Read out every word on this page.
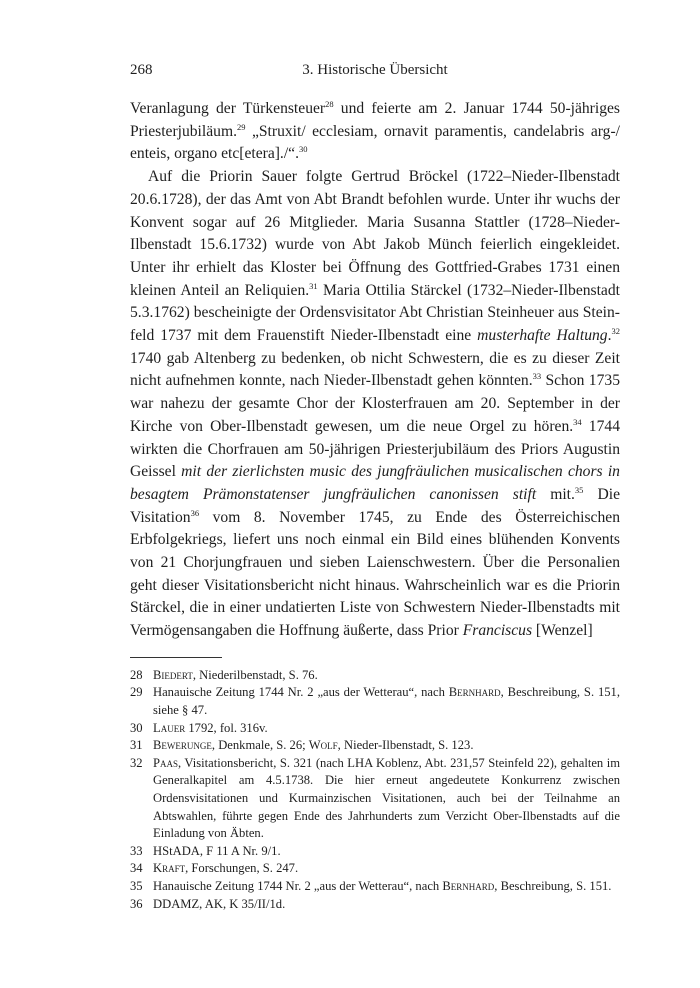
268	3. Historische Übersicht

Veranlagung der Türkensteuer$^{28}$ und feierte am 2. Januar 1744 50-jähriges Priesterjubiläum.$^{29}$ „Struxit/ ecclesiam, ornavit paramentis, candelabris arg-/ enteis, organo etc[etera]./“.$^{30}$

Auf die Priorin Sauer folgte Gertrud Bröckel (1722–Nieder-Ilbenstadt 20.6.1728), der das Amt von Abt Brandt befohlen wurde. Unter ihr wuchs der Konvent sogar auf 26 Mitglieder. Maria Susanna Stattler (1728–Nieder-Ilbenstadt 15.6.1732) wurde von Abt Jakob Münch feierlich eingekleidet. Unter ihr erhielt das Kloster bei Öffnung des Gottfried-Grabes 1731 einen kleinen Anteil an Reliquien.$^{31}$ Maria Ottilia Stärckel (1732–Nieder-Ilbenstadt 5.3.1762) bescheinigte der Ordensvisitator Abt Christian Steinheuer aus Steinfeld 1737 mit dem Frauenstift Nieder-Ilbenstadt eine musterhafte Haltung.$^{32}$ 1740 gab Altenberg zu bedenken, ob nicht Schwestern, die es zu dieser Zeit nicht aufnehmen konnte, nach Nieder-Ilbenstadt gehen könnten.$^{33}$ Schon 1735 war nahezu der gesamte Chor der Klosterfrauen am 20. September in der Kirche von Ober-Ilbenstadt gewesen, um die neue Orgel zu hören.$^{34}$ 1744 wirkten die Chorfrauen am 50-jährigen Priesterjubiläum des Priors Augustin Geissel mit der zierlichsten music des jungfräulichen musicalischen chors in besagtem Prämonstatenser jungfräulichen canonissen stift mit.$^{35}$ Die Visitation$^{36}$ vom 8. November 1745, zu Ende des Österreichischen Erbfolgekriegs, liefert uns noch einmal ein Bild eines blühenden Konvents von 21 Chorjungfrauen und sieben Laienschwestern. Über die Personalien geht dieser Visitationsbericht nicht hinaus. Wahrscheinlich war es die Priorin Stärckel, die in einer undatierten Liste von Schwestern Nieder-Ilbenstadts mit Vermögensangaben die Hoffnung äußerte, dass Prior Franciscus [Wenzel]

28 Biedert, Niederilbenstadt, S. 76.
29 Hanauische Zeitung 1744 Nr. 2 „aus der Wetterau“, nach Bernhard, Beschreibung, S. 151, siehe § 47.
30 Lauer 1792, fol. 316v.
31 Bewerunge, Denkmale, S. 26; Wolf, Nieder-Ilbenstadt, S. 123.
32 Paas, Visitationsbericht, S. 321 (nach LHA Koblenz, Abt. 231,57 Steinfeld 22), gehalten im Generalkapitel am 4.5.1738. Die hier erneut angedeutete Konkurrenz zwischen Ordensvisitationen und Kurmainzischen Visitationen, auch bei der Teilnahme an Abtswahlen, führte gegen Ende des Jahrhunderts zum Verzicht Ober-Ilbenstadts auf die Einladung von Äbten.
33 HStADA, F 11 A Nr. 9/1.
34 Kraft, Forschungen, S. 247.
35 Hanauische Zeitung 1744 Nr. 2 „aus der Wetterau“, nach Bernhard, Beschreibung, S. 151.
36 DDAMZ, AK, K 35/II/1d.
